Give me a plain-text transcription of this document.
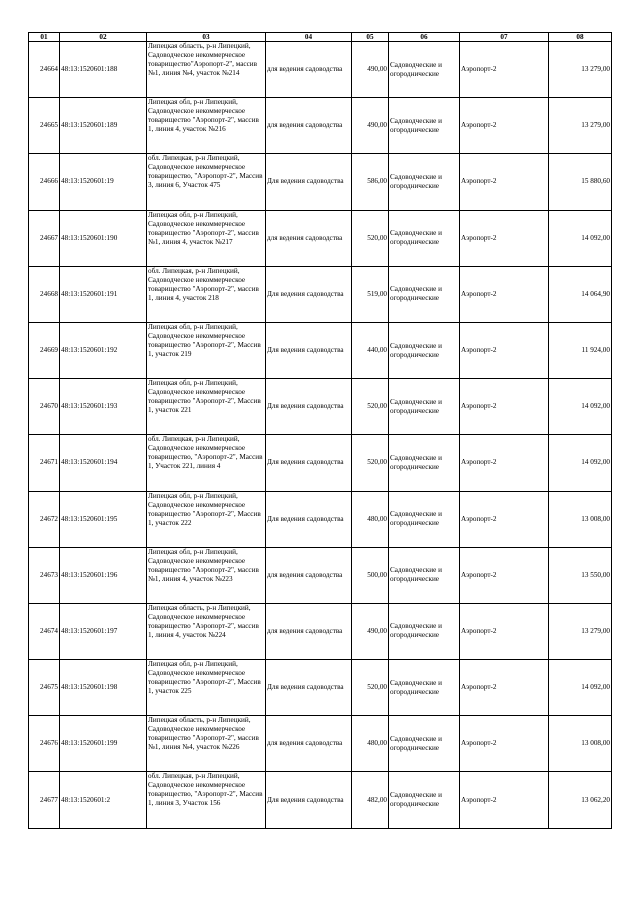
01	02	03	04	05	06	07	08
24664	48:13:1520601:188	Липецкая область, р-н Липецкий, Садоводческое некоммерческое товарищество"Аэропорт-2", массив №1, линия №4, участок №214	для ведения садоводства	490,00	Садоводческие и огороднические	Аэропорт-2	13 279,00
24665	48:13:1520601:189	Липецкая обл, р-н Липецкий, Садоводческое некоммерческое товарищество "Аэропорт-2", массив 1, линия 4, участок №216	для ведения садоводства	490,00	Садоводческие и огороднические	Аэропорт-2	13 279,00
24666	48:13:1520601:19	обл. Липецкая, р-н Липецкий, Садоводческое некоммерческое товарищество, "Аэропорт-2", Массив 3, линия 6, Участок 475	Для ведения садоводства	586,00	Садоводческие и огороднические	Аэропорт-2	15 880,60
24667	48:13:1520601:190	Липецкая обл, р-н Липецкий, Садоводческое некоммерческое товарищество "Аэропорт-2", массив №1, линия 4, участок №217	для ведения садоводства	520,00	Садоводческие и огороднические	Аэропорт-2	14 092,00
24668	48:13:1520601:191	обл. Липецкая, р-н Липецкий, Садоводческое некоммерческое товарищество "Аэропорт-2", массив 1, линия 4, участок 218	Для ведения садоводства	519,00	Садоводческие и огороднические	Аэропорт-2	14 064,90
24669	48:13:1520601:192	Липецкая обл, р-н Липецкий, Садоводческое некоммерческое товарищество "Аэропорт-2", Массив 1, участок 219	Для ведения садоводства	440,00	Садоводческие и огороднические	Аэропорт-2	11 924,00
24670	48:13:1520601:193	Липецкая обл, р-н Липецкий, Садоводческое некоммерческое товарищество "Аэропорт-2", Массив 1, участок 221	Для ведения садоводства	520,00	Садоводческие и огороднические	Аэропорт-2	14 092,00
24671	48:13:1520601:194	обл. Липецкая, р-н Липецкий, Садоводческое некоммерческое товарищество, "Аэропорт-2", Массив 1, Участок 221, линия 4	Для ведения садоводства	520,00	Садоводческие и огороднические	Аэропорт-2	14 092,00
24672	48:13:1520601:195	Липецкая обл, р-н Липецкий, Садоводческое некоммерческое товарищество "Аэропорт-2", Массив 1, участок 222	Для ведения садоводства	480,00	Садоводческие и огороднические	Аэропорт-2	13 008,00
24673	48:13:1520601:196	Липецкая обл, р-н Липецкий, Садоводческое некоммерческое товарищество "Аэропорт-2", массив №1, линия 4, участок №223	для ведения садоводства	500,00	Садоводческие и огороднические	Аэропорт-2	13 550,00
24674	48:13:1520601:197	Липецкая область, р-н Липецкий, Садоводческое некоммерческое товарищество "Аэропорт-2", массив 1, линия 4, участок №224	для ведения садоводства	490,00	Садоводческие и огороднические	Аэропорт-2	13 279,00
24675	48:13:1520601:198	Липецкая обл, р-н Липецкий, Садоводческое некоммерческое товарищество "Аэропорт-2", Массив 1, участок 225	Для ведения садоводства	520,00	Садоводческие и огороднические	Аэропорт-2	14 092,00
24676	48:13:1520601:199	Липецкая область, р-н Липецкий, Садоводческое некоммерческое товарищество "Аэропорт-2", массив №1, линия №4, участок №226	для ведения садоводства	480,00	Садоводческие и огороднические	Аэропорт-2	13 008,00
24677	48:13:1520601:2	обл. Липецкая, р-н Липецкий, Садоводческое некоммерческое товарищество, "Аэропорт-2", Массив 1, линия 3, Участок 156	Для ведения садоводства	482,00	Садоводческие и огороднические	Аэропорт-2	13 062,20
